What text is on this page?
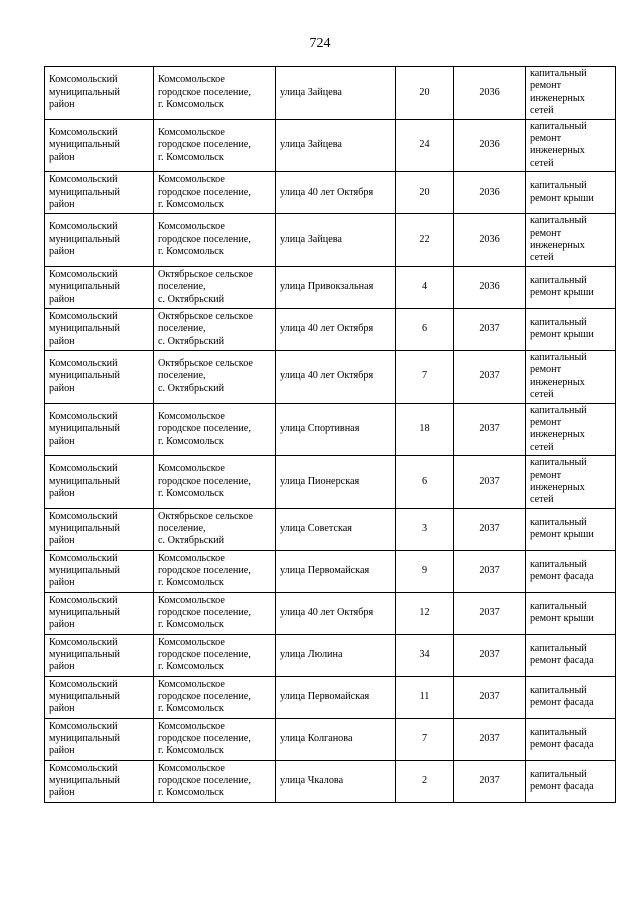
724
Комсомольский
муниципальный
район	Комсомольское
городское поселение,
г. Комсомольск	улица Зайцева	20	2036	капитальный
ремонт
инженерных
сетей

Комсомольский
муниципальный
район	Комсомольское
городское поселение,
г. Комсомольск	улица Зайцева	24	2036	капитальный
ремонт
инженерных
сетей

Комсомольский
муниципальный
район	Комсомольское
городское поселение,
г. Комсомольск	улица 40 лет Октября	20	2036	капитальный
ремонт крыши

Комсомольский
муниципальный
район	Комсомольское
городское поселение,
г. Комсомольск	улица Зайцева	22	2036	капитальный
ремонт
инженерных
сетей

Комсомольский
муниципальный
район	Октябрьское сельское
поселение,
с. Октябрьский	улица Привокзальная	4	2036	капитальный
ремонт крыши

Комсомольский
муниципальный
район	Октябрьское сельское
поселение,
с. Октябрьский	улица 40 лет Октября	6	2037	капитальный
ремонт крыши

Комсомольский
муниципальный
район	Октябрьское сельское
поселение,
с. Октябрьский	улица 40 лет Октября	7	2037	капитальный
ремонт
инженерных
сетей

Комсомольский
муниципальный
район	Комсомольское
городское поселение,
г. Комсомольск	улица Спортивная	18	2037	капитальный
ремонт
инженерных
сетей

Комсомольский
муниципальный
район	Комсомольское
городское поселение,
г. Комсомольск	улица Пионерская	6	2037	капитальный
ремонт
инженерных
сетей

Комсомольский
муниципальный
район	Октябрьское сельское
поселение,
с. Октябрьский	улица Советская	3	2037	капитальный
ремонт крыши

Комсомольский
муниципальный
район	Комсомольское
городское поселение,
г. Комсомольск	улица Первомайская	9	2037	капитальный
ремонт фасада

Комсомольский
муниципальный
район	Комсомольское
городское поселение,
г. Комсомольск	улица 40 лет Октября	12	2037	капитальный
ремонт крыши

Комсомольский
муниципальный
район	Комсомольское
городское поселение,
г. Комсомольск	улица Люлина	34	2037	капитальный
ремонт фасада

Комсомольский
муниципальный
район	Комсомольское
городское поселение,
г. Комсомольск	улица Первомайская	11	2037	капитальный
ремонт фасада

Комсомольский
муниципальный
район	Комсомольское
городское поселение,
г. Комсомольск	улица Колганова	7	2037	капитальный
ремонт фасада

Комсомольский
муниципальный
район	Комсомольское
городское поселение,
г. Комсомольск	улица Чкалова	2	2037	капитальный
ремонт фасада
